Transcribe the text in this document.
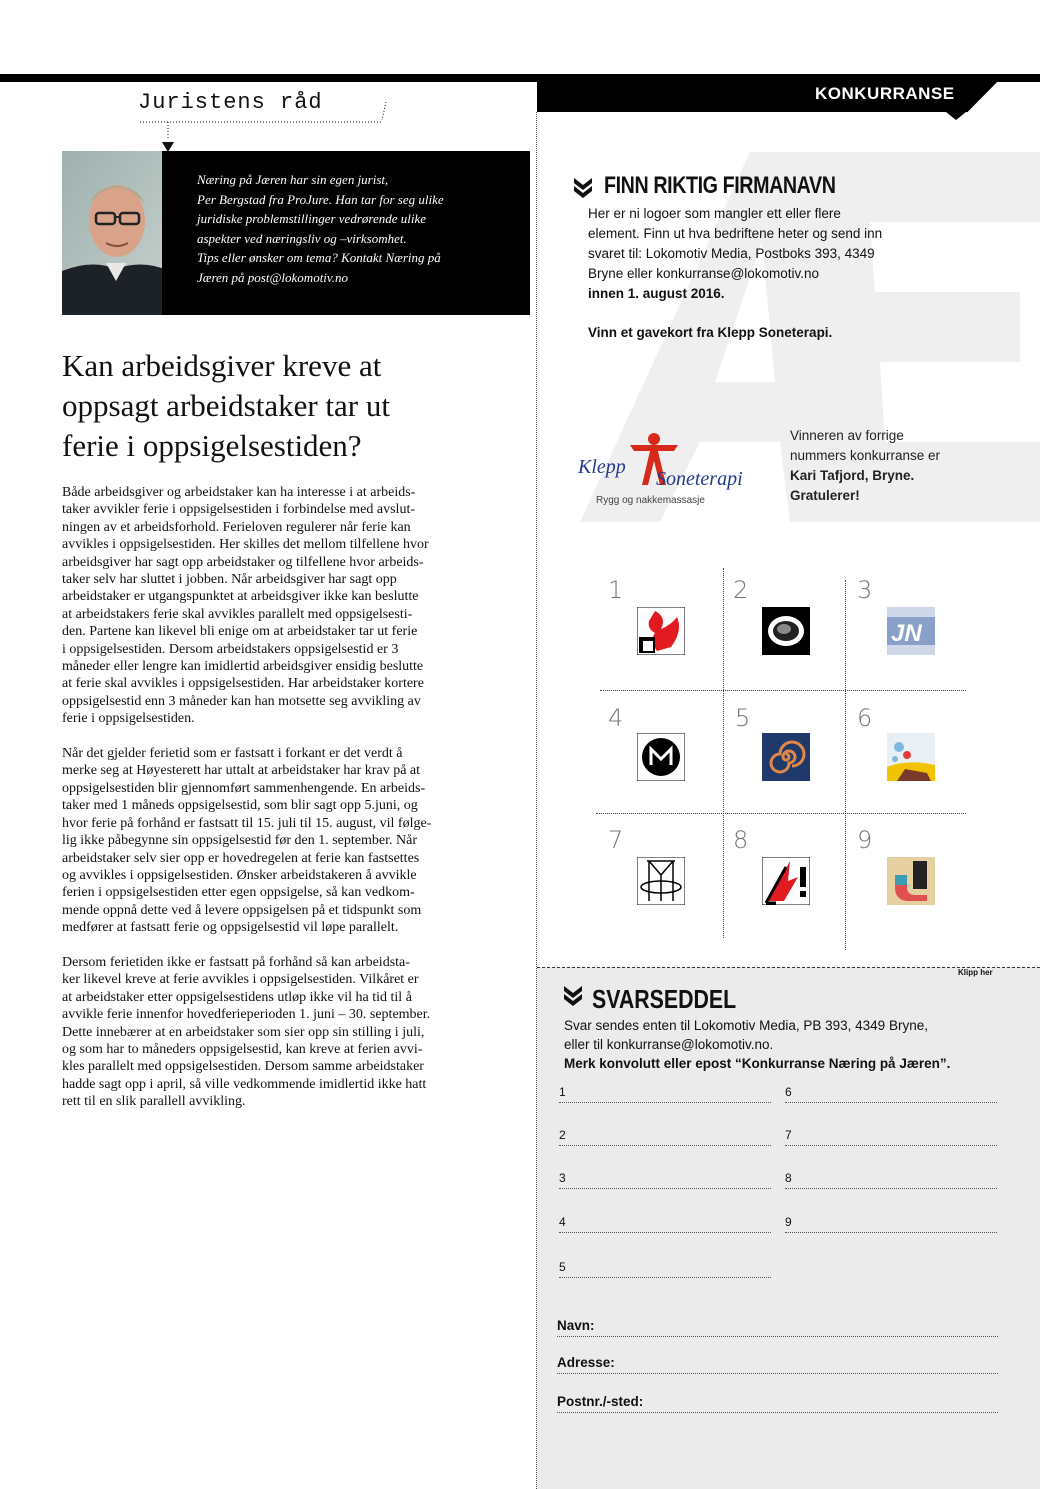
KONKURRANSE
Juristens råd
Næring på Jæren har sin egen jurist,
Per Bergstad fra ProJure. Han tar for seg ulike
juridiske problemstillinger vedrørende ulike
aspekter ved næringsliv og –virksomhet.
Tips eller ønsker om tema? Kontakt Næring på
Jæren på post@lokomotiv.no
Kan arbeidsgiver kreve at
oppsagt arbeidstaker tar ut
ferie i oppsigelsestiden?

Både arbeidsgiver og arbeidstaker kan ha interesse i at arbeids-
taker avvikler ferie i oppsigelsestiden i forbindelse med avslut-
ningen av et arbeidsforhold. Ferieloven regulerer når ferie kan
avvikles i oppsigelsestiden. Her skilles det mellom tilfellene hvor
arbeidsgiver har sagt opp arbeidstaker og tilfellene hvor arbeids-
taker selv har sluttet i jobben. Når arbeidsgiver har sagt opp
arbeidstaker er utgangspunktet at arbeidsgiver ikke kan beslutte
at arbeidstakers ferie skal avvikles parallelt med oppsigelsesti-
den. Partene kan likevel bli enige om at arbeidstaker tar ut ferie
i oppsigelsestiden. Dersom arbeidstakers oppsigelsestid er 3
måneder eller lengre kan imidlertid arbeidsgiver ensidig beslutte
at ferie skal avvikles i oppsigelsestiden. Har arbeidstaker kortere
oppsigelsestid enn 3 måneder kan han motsette seg avvikling av
ferie i oppsigelsestiden.

Når det gjelder ferietid som er fastsatt i forkant er det verdt å
merke seg at Høyesterett har uttalt at arbeidstaker har krav på at
oppsigelsestiden blir gjennomført sammenhengende. En arbeids-
taker med 1 måneds oppsigelsestid, som blir sagt opp 5.juni, og
hvor ferie på forhånd er fastsatt til 15. juli til 15. august, vil følge-
lig ikke påbegynne sin oppsigelsestid før den 1. september. Når
arbeidstaker selv sier opp er hovedregelen at ferie kan fastsettes
og avvikles i oppsigelsestiden. Ønsker arbeidstakeren å avvikle
ferien i oppsigelsestiden etter egen oppsigelse, så kan vedkom-
mende oppnå dette ved å levere oppsigelsen på et tidspunkt som
medfører at fastsatt ferie og oppsigelsestid vil løpe parallelt.

Dersom ferietiden ikke er fastsatt på forhånd så kan arbeidsta-
ker likevel kreve at ferie avvikles i oppsigelsestiden. Vilkåret er
at arbeidstaker etter oppsigelsestidens utløp ikke vil ha tid til å
avvikle ferie innenfor hovedferieperioden 1. juni – 30. september.
Dette innebærer at en arbeidstaker som sier opp sin stilling i juli,
og som har to måneders oppsigelsestid, kan kreve at ferien avvi-
kles parallelt med oppsigelsestiden. Dersom samme arbeidstaker
hadde sagt opp i april, så ville vedkommende imidlertid ikke hatt
rett til en slik parallell avvikling.

FINN RIKTIG FIRMANAVN
Her er ni logoer som mangler ett eller flere
element. Finn ut hva bedriftene heter og send inn
svaret til: Lokomotiv Media, Postboks 393, 4349
Bryne eller konkurranse@lokomotiv.no
innen 1. august 2016.
Vinn et gavekort fra Klepp Soneterapi.
Klepp
Soneterapi
Rygg og nakkemassasje
Vinneren av forrige
nummers konkurranse er
Kari Tafjord, Bryne.
Gratulerer!
1	2	3
4	5	6
7	8	9
JN
Klipp her
SVARSEDDEL
Svar sendes enten til Lokomotiv Media, PB 393, 4349 Bryne,
eller til konkurranse@lokomotiv.no.
Merk konvolutt eller epost “Konkurranse Næring på Jæren”.
1
2
3
4
5
6
7
8
9
Navn:
Adresse:
Postnr./-sted:
